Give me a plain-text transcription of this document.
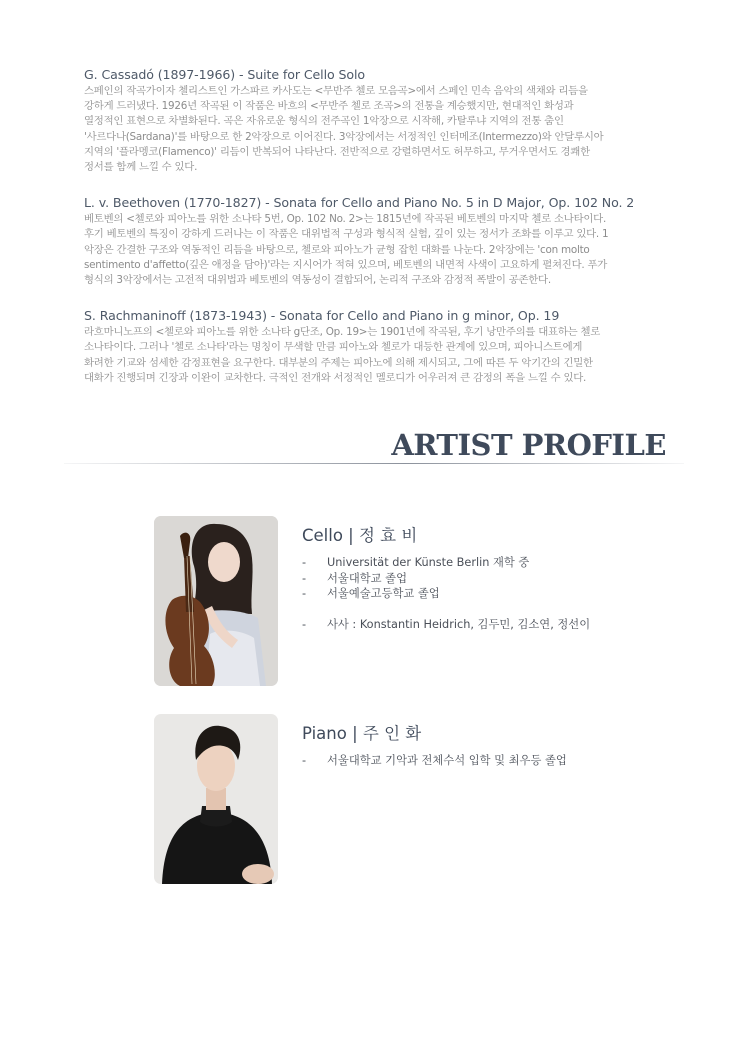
G. Cassadó (1897-1966) - Suite for Cello Solo

스페인의 작곡가이자 첼리스트인 가스파르 카사도는 <무반주 첼로 모음곡>에서 스페인 민속 음악의 색채와 리듬을

강하게 드러냈다. 1926년 작곡된 이 작품은 바흐의 <무반주 첼로 조곡>의 전통을 계승했지만, 현대적인 화성과

열정적인 표현으로 차별화된다. 곡은 자유로운 형식의 전주곡인 1악장으로 시작해, 카탈루냐 지역의 전통 춤인

'사르다나(Sardana)'를 바탕으로 한 2악장으로 이어진다. 3악장에서는 서정적인 인터메조(Intermezzo)와 안달루시아

지역의 '플라멩코(Flamenco)' 리듬이 반복되어 나타난다. 전반적으로 강렬하면서도 허무하고, 무거우면서도 경쾌한

정서를 함께 느낄 수 있다.

L. v. Beethoven (1770-1827) - Sonata for Cello and Piano No. 5 in D Major, Op. 102 No. 2

베토벤의 <첼로와 피아노를 위한 소나타 5번, Op. 102 No. 2>는 1815년에 작곡된 베토벤의 마지막 첼로 소나타이다.

후기 베토벤의 특징이 강하게 드러나는 이 작품은 대위법적 구성과 형식적 실험, 깊이 있는 정서가 조화를 이루고 있다. 1

악장은 간결한 구조와 역동적인 리듬을 바탕으로, 첼로와 피아노가 균형 잡힌 대화를 나눈다. 2악장에는 'con molto

sentimento d'affetto(깊은 애정을 담아)'라는 지시어가 적혀 있으며, 베토벤의 내면적 사색이 고요하게 펼쳐진다. 푸가

형식의 3악장에서는 고전적 대위법과 베토벤의 역동성이 결합되어, 논리적 구조와 감정적 폭발이 공존한다.

S. Rachmaninoff (1873-1943) - Sonata for Cello and Piano in g minor, Op. 19

라흐마니노프의 <첼로와 피아노를 위한 소나타 g단조, Op. 19>는 1901년에 작곡된, 후기 낭만주의를 대표하는 첼로

소나타이다. 그러나 '첼로 소나타'라는 명칭이 무색할 만큼 피아노와 첼로가 대등한 관계에 있으며, 피아니스트에게

화려한 기교와 섬세한 감정표현을 요구한다. 대부분의 주제는 피아노에 의해 제시되고, 그에 따른 두 악기간의 긴밀한

대화가 진행되며 긴장과 이완이 교차한다. 극적인 전개와 서정적인 멜로디가 어우러져 큰 감정의 폭을 느낄 수 있다.

ARTIST PROFILE

Cello | 정 효 비

- Universität der Künste Berlin 재학 중
- 서울대학교 졸업
- 서울예술고등학교 졸업
- 사사 : Konstantin Heidrich, 김두민, 김소연, 정선이

Piano | 주 인 화

- 서울대학교 기악과 전체수석 입학 및 최우등 졸업
